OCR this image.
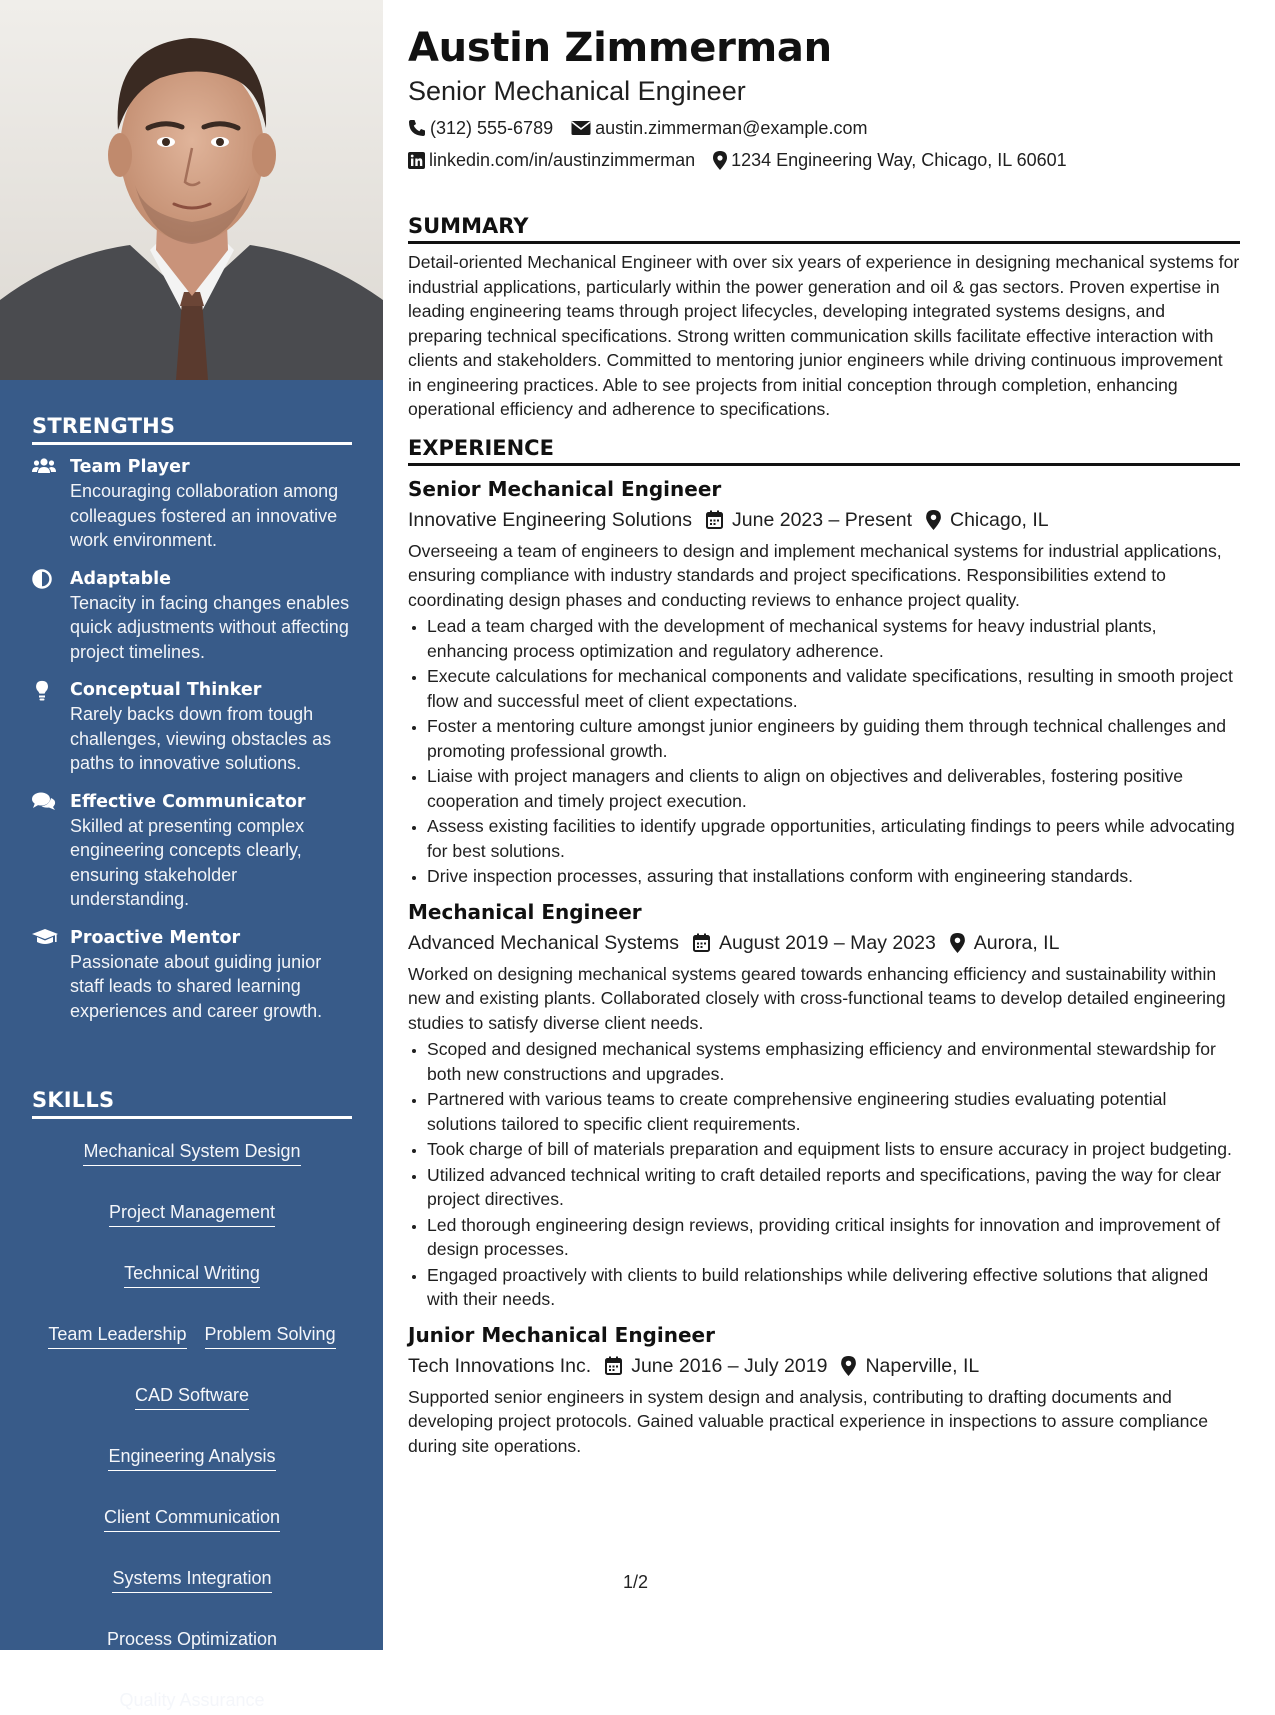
STRENGTHS
Team Player
Encouraging collaboration among colleagues fostered an innovative work environment.
Adaptable
Tenacity in facing changes enables quick adjustments without affecting project timelines.
Conceptual Thinker
Rarely backs down from tough challenges, viewing obstacles as paths to innovative solutions.
Effective Communicator
Skilled at presenting complex engineering concepts clearly, ensuring stakeholder understanding.
Proactive Mentor
Passionate about guiding junior staff leads to shared learning experiences and career growth.
SKILLS
Mechanical System Design
Project Management
Technical Writing
Team Leadership Problem Solving
CAD Software
Engineering Analysis
Client Communication
Systems Integration
Process Optimization
Quality Assurance
Austin Zimmerman
Senior Mechanical Engineer
(312) 555-6789 austin.zimmerman@example.com
linkedin.com/in/austinzimmerman 1234 Engineering Way, Chicago, IL 60601
SUMMARY

Detail-oriented Mechanical Engineer with over six years of experience in designing mechanical systems for industrial applications, particularly within the power generation and oil & gas sectors. Proven expertise in leading engineering teams through project lifecycles, developing integrated systems designs, and preparing technical specifications. Strong written communication skills facilitate effective interaction with clients and stakeholders. Committed to mentoring junior engineers while driving continuous improvement in engineering practices. Able to see projects from initial conception through completion, enhancing operational efficiency and adherence to specifications.

EXPERIENCE
Senior Mechanical Engineer
Innovative Engineering Solutions June 2023 – Present Chicago, IL

Overseeing a team of engineers to design and implement mechanical systems for industrial applications, ensuring compliance with industry standards and project specifications. Responsibilities extend to coordinating design phases and conducting reviews to enhance project quality.

• Lead a team charged with the development of mechanical systems for heavy industrial plants, enhancing process optimization and regulatory adherence.
• Execute calculations for mechanical components and validate specifications, resulting in smooth project flow and successful meet of client expectations.
• Foster a mentoring culture amongst junior engineers by guiding them through technical challenges and promoting professional growth.
• Liaise with project managers and clients to align on objectives and deliverables, fostering positive cooperation and timely project execution.
• Assess existing facilities to identify upgrade opportunities, articulating findings to peers while advocating for best solutions.
• Drive inspection processes, assuring that installations conform with engineering standards.
Mechanical Engineer
Advanced Mechanical Systems August 2019 – May 2023 Aurora, IL

Worked on designing mechanical systems geared towards enhancing efficiency and sustainability within new and existing plants. Collaborated closely with cross-functional teams to develop detailed engineering studies to satisfy diverse client needs.

• Scoped and designed mechanical systems emphasizing efficiency and environmental stewardship for both new constructions and upgrades.
• Partnered with various teams to create comprehensive engineering studies evaluating potential solutions tailored to specific client requirements.
• Took charge of bill of materials preparation and equipment lists to ensure accuracy in project budgeting.
• Utilized advanced technical writing to craft detailed reports and specifications, paving the way for clear project directives.
• Led thorough engineering design reviews, providing critical insights for innovation and improvement of design processes.
• Engaged proactively with clients to build relationships while delivering effective solutions that aligned with their needs.
Junior Mechanical Engineer
Tech Innovations Inc. June 2016 – July 2019 Naperville, IL

Supported senior engineers in system design and analysis, contributing to drafting documents and developing project protocols. Gained valuable practical experience in inspections to assure compliance during site operations.

1/2
